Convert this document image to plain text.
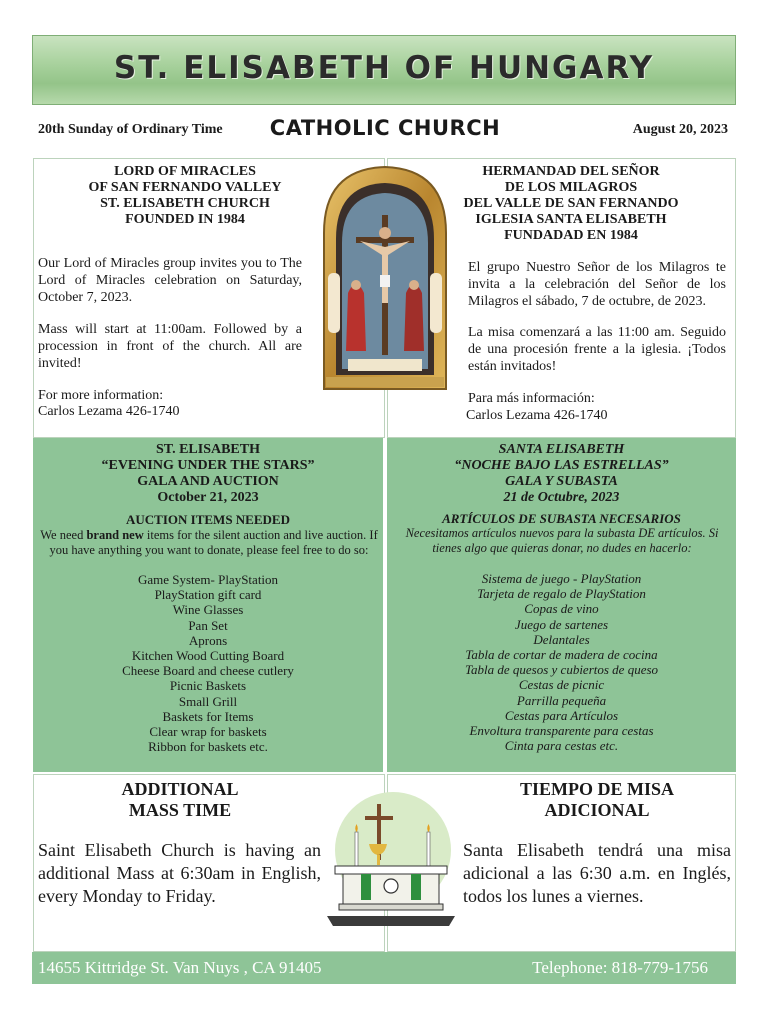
ST. ELISABETH OF HUNGARY
20th Sunday of Ordinary Time	CATHOLIC CHURCH	August 20, 2023
LORD OF MIRACLES
OF SAN FERNANDO VALLEY
ST. ELISABETH CHURCH
FOUNDED IN 1984
Our Lord of Miracles group invites you to The Lord of Miracles celebration on Saturday, October 7, 2023.
Mass will start at 11:00am. Followed by a procession in front of the church. All are invited!
For more information:
Carlos Lezama 426-1740
HERMANDAD DEL SEÑOR
DE LOS MILAGROS
DEL VALLE DE SAN FERNANDO
IGLESIA SANTA ELISABETH
FUNDADAD EN 1984
El grupo Nuestro Señor de los Milagros te invita a la celebración del Señor de los Milagros el sábado, 7 de octubre, de 2023.
La misa comenzará a las 11:00 am. Seguido de una procesión frente a la iglesia. ¡Todos están invitados!
Para más información:
Carlos Lezama 426-1740
ST. ELISABETH
“EVENING UNDER THE STARS”
GALA AND AUCTION
October 21, 2023
AUCTION ITEMS NEEDED
We need brand new items for the silent auction and live auction. If you have anything you want to donate, please feel free to do so:
Game System- PlayStation
PlayStation gift card
Wine Glasses
Pan Set
Aprons
Kitchen Wood Cutting Board
Cheese Board and cheese cutlery
Picnic Baskets
Small Grill
Baskets for Items
Clear wrap for baskets
Ribbon for baskets etc.
SANTA ELISABETH
“NOCHE BAJO LAS ESTRELLAS”
GALA Y SUBASTA
21 de Octubre, 2023
ARTÍCULOS DE SUBASTA NECESARIOS
Necesitamos artículos nuevos para la subasta DE artículos. Si tienes algo que quieras donar, no dudes en hacerlo:
Sistema de juego - PlayStation
Tarjeta de regalo de PlayStation
Copas de vino
Juego de sartenes
Delantales
Tabla de cortar de madera de cocina
Tabla de quesos y cubiertos de queso
Cestas de picnic
Parrilla pequeña
Cestas para Artículos
Envoltura transparente para cestas
Cinta para cestas etc.
ADDITIONAL
MASS TIME
Saint Elisabeth Church is having an additional Mass at 6:30am in English, every Monday to Friday.
TIEMPO DE MISA
ADICIONAL
Santa Elisabeth tendrá una misa adicional a las 6:30 a.m. en Inglés, todos los lunes a viernes.
14655 Kittridge St. Van Nuys , CA 91405	Telephone: 818-779-1756
